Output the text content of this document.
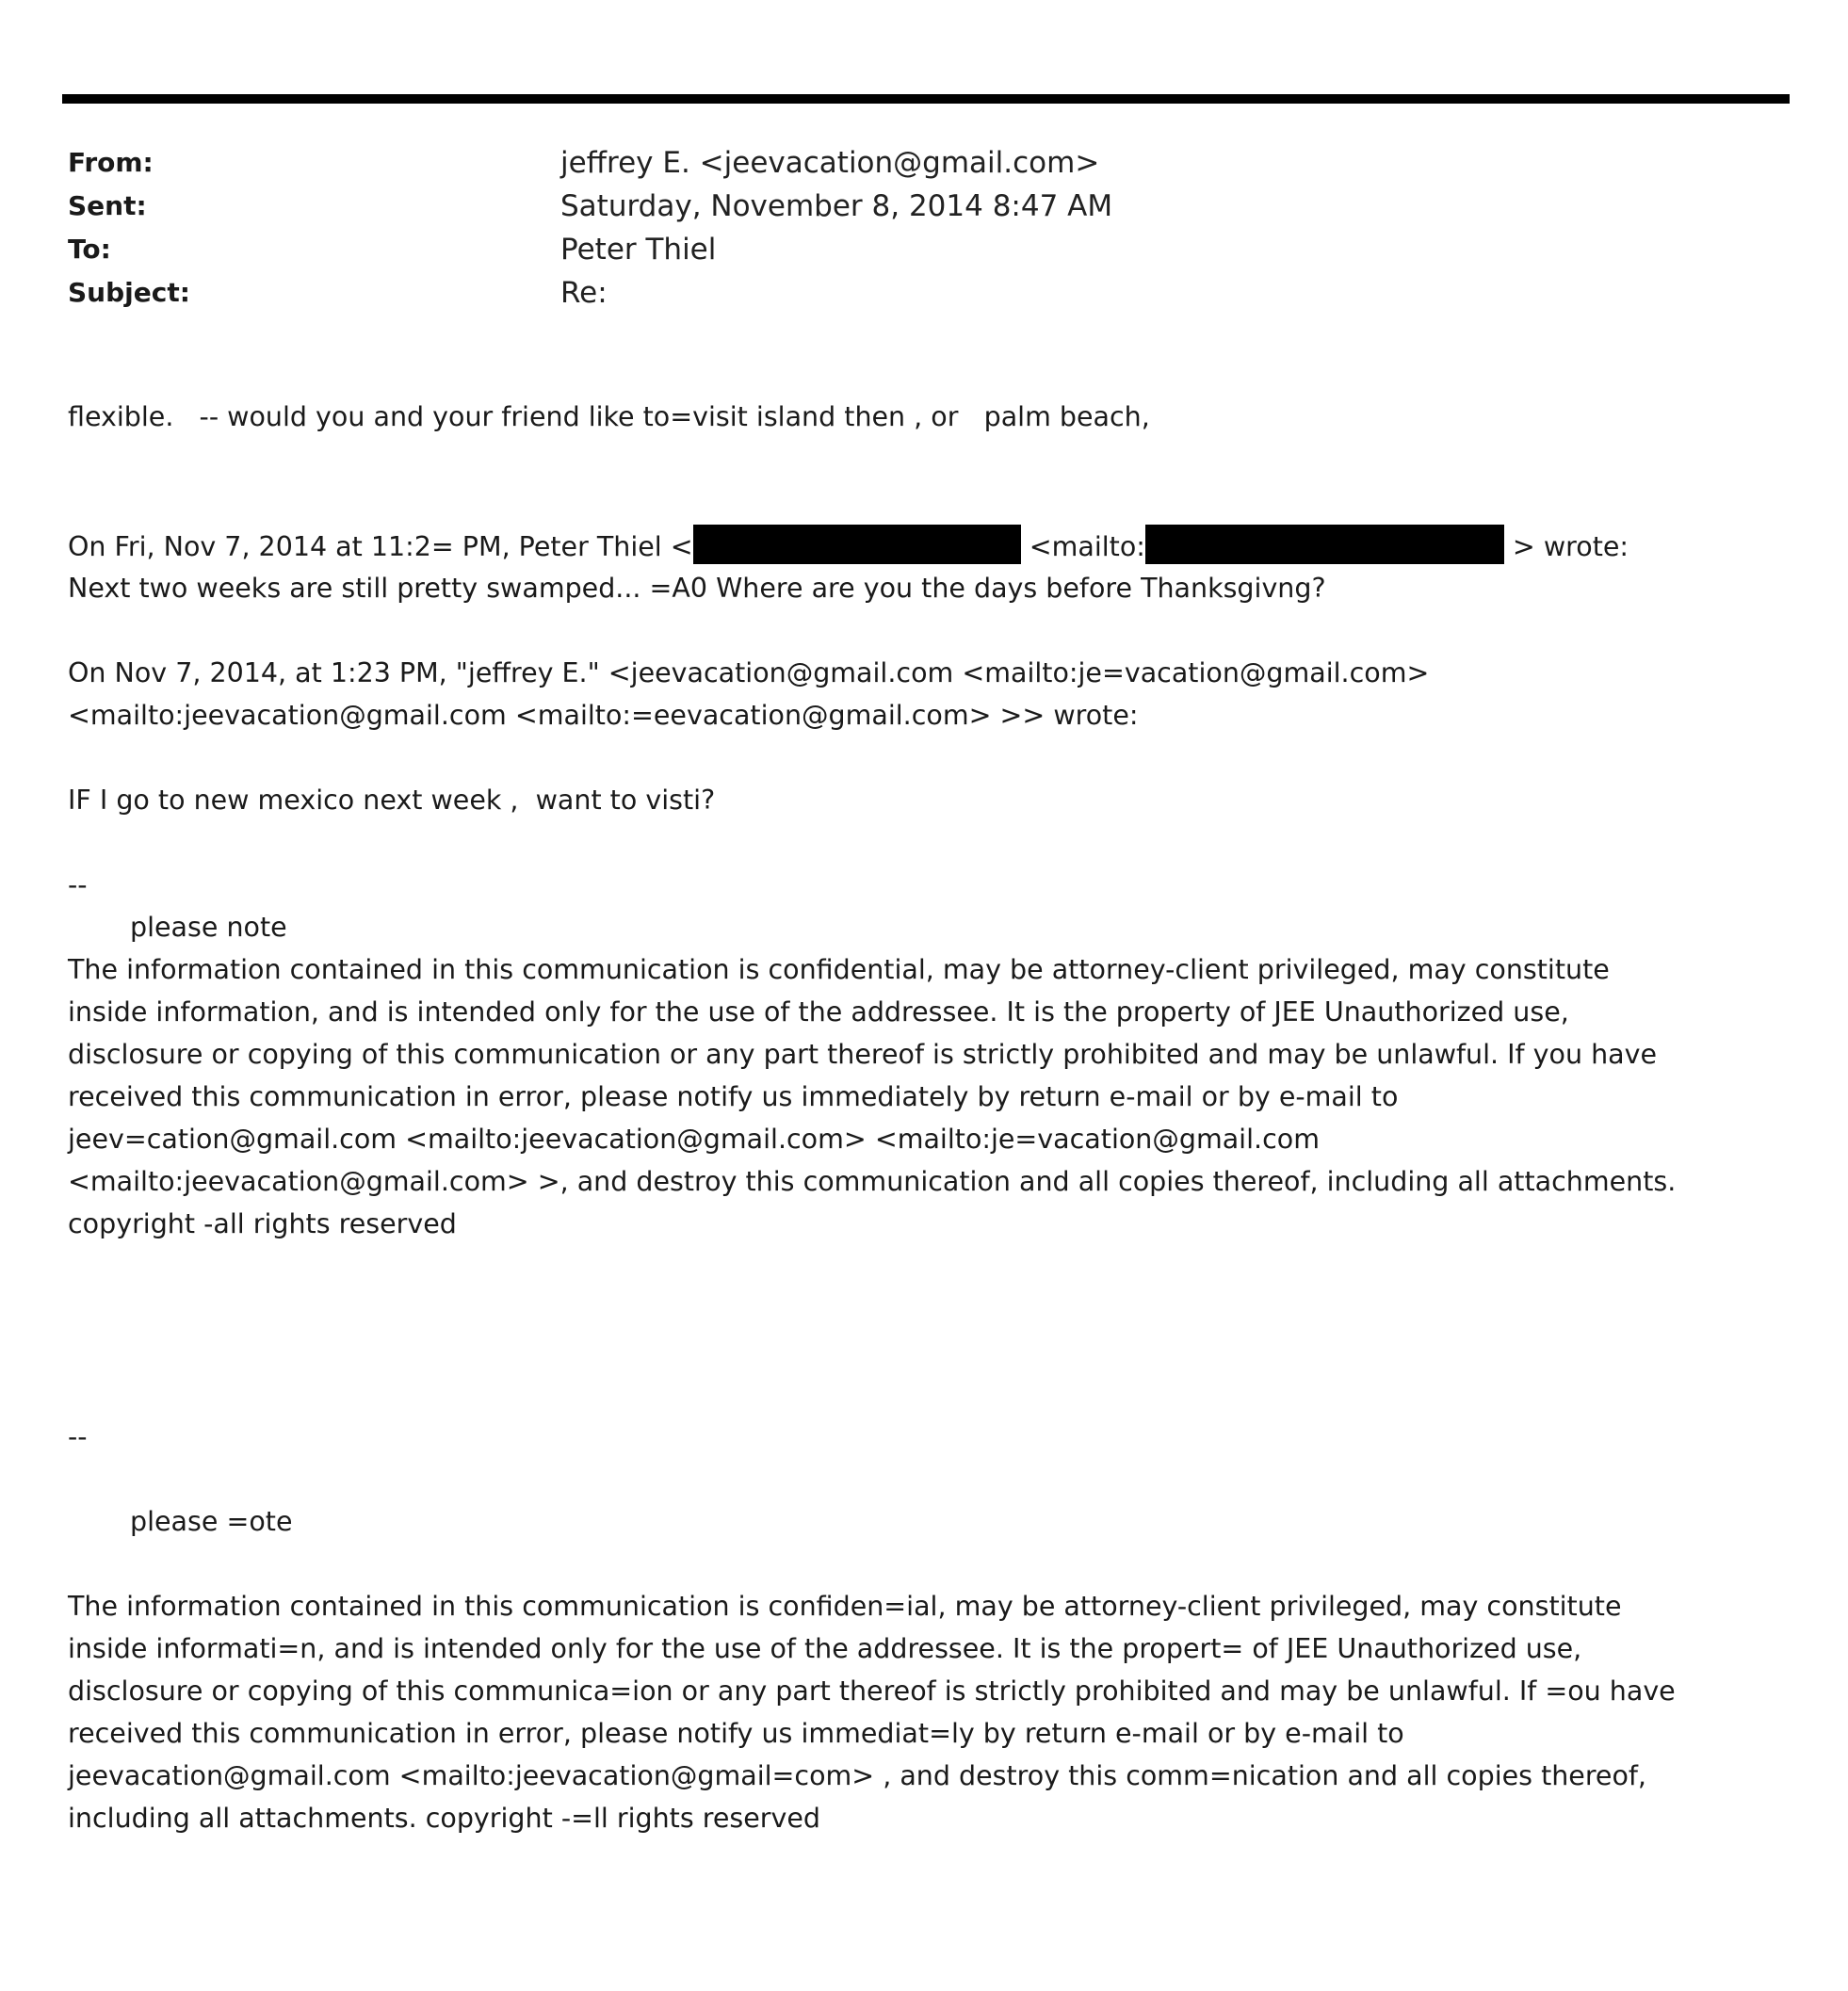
From:	jeffrey E. <jeevacation@gmail.com>
Sent:	Saturday, November 8, 2014 8:47 AM
To:	Peter Thiel
Subject:	Re:
flexible.   -- would you and your friend like to=visit island then , or   palm beach,
On Fri, Nov 7, 2014 at 11:2= PM, Peter Thiel <	<mailto:	> wrote:
Next two weeks are still pretty swamped... =A0 Where are you the days before Thanksgivng?
On Nov 7, 2014, at 1:23 PM, "jeffrey E." <jeevacation@gmail.com <mailto:je=vacation@gmail.com>
<mailto:jeevacation@gmail.com <mailto:=eevacation@gmail.com> >> wrote:
IF I go to new mexico next week ,  want to visti?
--
please note
The information contained in this communication is confidential, may be attorney-client privileged, may constitute
inside information, and is intended only for the use of the addressee. It is the property of JEE Unauthorized use,
disclosure or copying of this communication or any part thereof is strictly prohibited and may be unlawful. If you have
received this communication in error, please notify us immediately by return e-mail or by e-mail to
jeev=cation@gmail.com <mailto:jeevacation@gmail.com> <mailto:je=vacation@gmail.com
<mailto:jeevacation@gmail.com> >, and destroy this communication and all copies thereof, including all attachments.
copyright -all rights reserved
--
please =ote
The information contained in this communication is confiden=ial, may be attorney-client privileged, may constitute
inside informati=n, and is intended only for the use of the addressee. It is the propert= of JEE Unauthorized use,
disclosure or copying of this communica=ion or any part thereof is strictly prohibited and may be unlawful. If =ou have
received this communication in error, please notify us immediat=ly by return e-mail or by e-mail to
jeevacation@gmail.com <mailto:jeevacation@gmail=com> , and destroy this comm=nication and all copies thereof,
including all attachments. copyright -=ll rights reserved
